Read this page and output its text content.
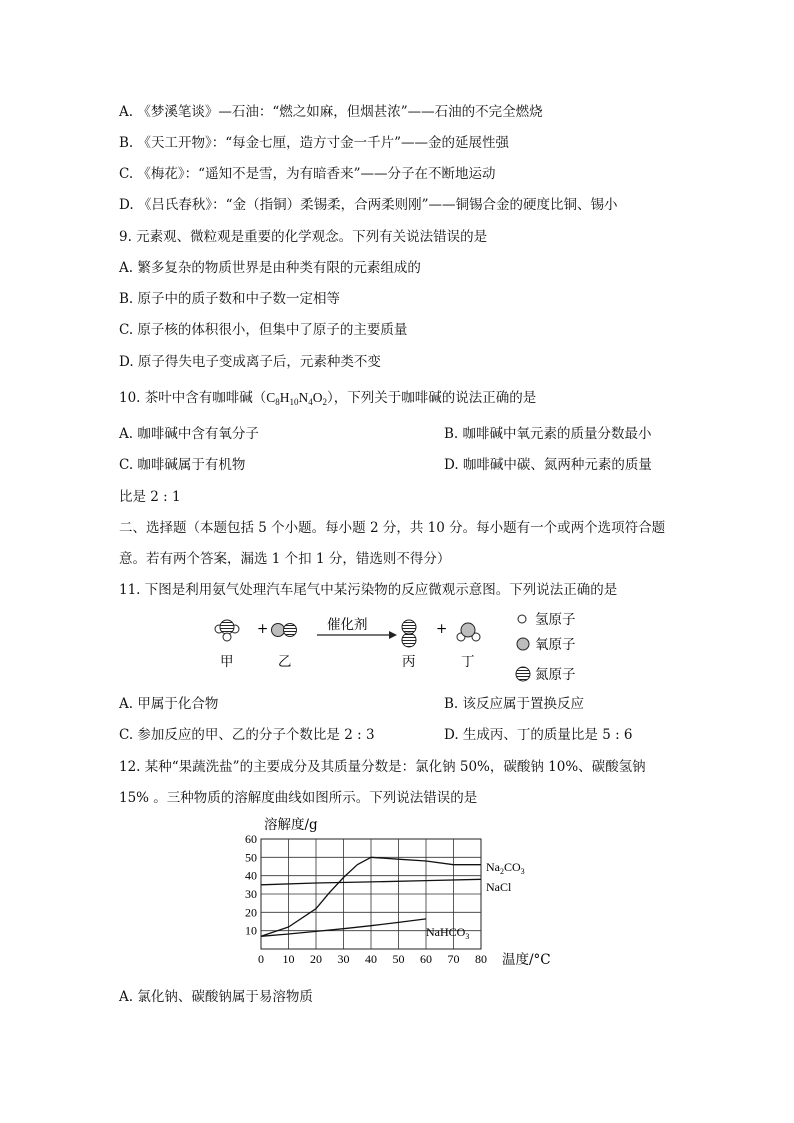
A. 《梦溪笔谈》—石油：“燃之如麻，但烟甚浓”——石油的不完全燃烧
B. 《天工开物》：“每金七厘，造方寸金一千片”——金的延展性强
C. 《梅花》：“遥知不是雪，为有暗香来”——分子在不断地运动
D. 《吕氏春秋》：“金（指铜）柔锡柔，合两柔则刚”——铜锡合金的硬度比铜、锡小
9. 元素观、微粒观是重要的化学观念。下列有关说法错误的是
A. 繁多复杂的物质世界是由种类有限的元素组成的
B. 原子中的质子数和中子数一定相等
C. 原子核的体积很小，但集中了原子的主要质量
D. 原子得失电子变成离子后，元素种类不变
10. 茶叶中含有咖啡碱$(C_8H_{10}N_4O_2)$，下列关于咖啡碱的说法正确的是
A. 咖啡碱中含有氧分子	B. 咖啡碱中氧元素的质量分数最小
C. 咖啡碱属于有机物	D. 咖啡碱中碳、氮两种元素的质量
比是 2 : 1
二、选择题（本题包括 5 个小题。每小题 2 分，共 10 分。每小题有一个或两个选项符合题
意。若有两个答案，漏选 1 个扣 1 分，错选则不得分）
11. 下图是利用氨气处理汽车尾气中某污染物的反应微观示意图。下列说法正确的是
+	催化剂	+
甲	乙	丙	丁
氢原子
氧原子
氮原子
A. 甲属于化合物	B. 该反应属于置换反应
C. 参加反应的甲、乙的分子个数比是 2 : 3	D. 生成丙、丁的质量比是 5 : 6
12. 某种“果蔬洗盐”的主要成分及其质量分数是：氯化钠 50%，碳酸钠 10%、碳酸氢钠
15% 。三种物质的溶解度曲线如图所示。下列说法错误的是
溶解度/g
温度/°C
0 10 20 30 40 50 60 70 80
10
20
30
40
50
60
$Na_2CO_3$
NaCl
NaHCO$_3$
A. 氯化钠、碳酸钠属于易溶物质
